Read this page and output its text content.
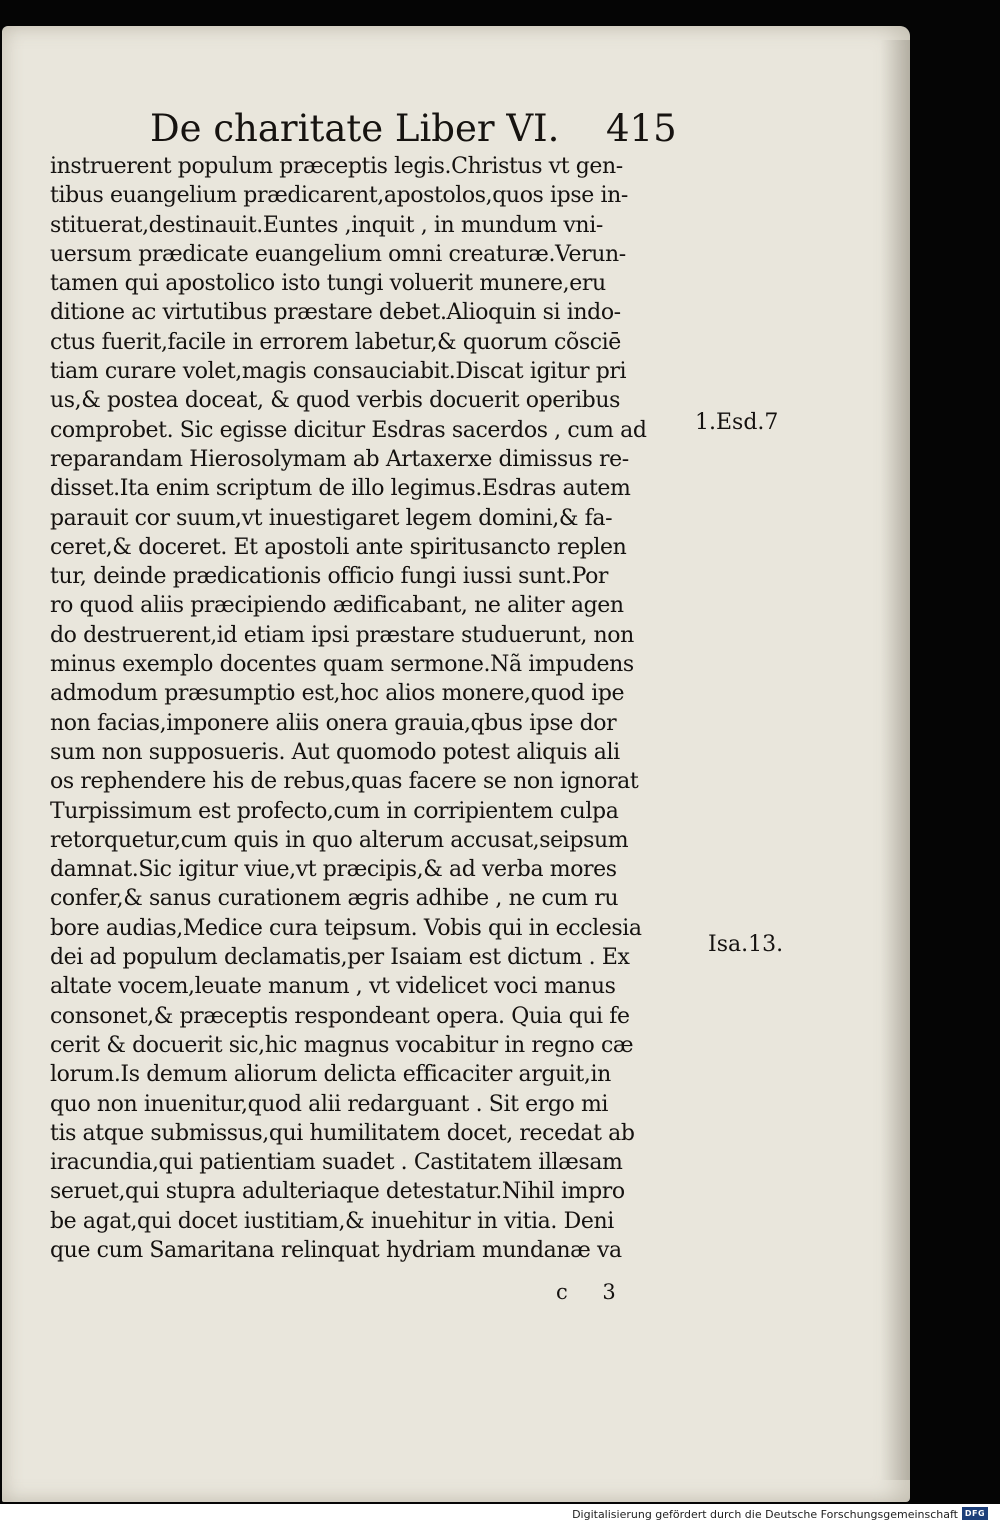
De charitate Liber VI. 415
instruerent populum præceptis legis.Christus vt gen-
tibus euangelium prædicarent,apostolos,quos ipse in-
stituerat,destinauit.Euntes ,inquit , in mundum vni-
uersum prædicate euangelium omni creaturæ.Verun-
tamen qui apostolico isto tungi voluerit munere,eru
ditione ac virtutibus præstare debet.Alioquin si indo-
ctus fuerit,facile in errorem labetur,& quorum cõsciē
tiam curare volet,magis consauciabit.Discat igitur pri
us,& postea doceat, & quod verbis docuerit operibus
comprobet. Sic egisse dicitur Esdras sacerdos , cum ad
reparandam Hierosolymam ab Artaxerxe dimissus re-
disset.Ita enim scriptum de illo legimus.Esdras autem
parauit cor suum,vt inuestigaret legem domini,& fa-
ceret,& doceret. Et apostoli ante spiritusancto replen
tur, deinde prædicationis officio fungi iussi sunt.Por
ro quod aliis præcipiendo ædificabant, ne aliter agen
do destruerent,id etiam ipsi præstare studuerunt, non
minus exemplo docentes quam sermone.Nã impudens
admodum præsumptio est,hoc alios monere,quod ipe
non facias,imponere aliis onera grauia,qbus ipse dor
sum non supposueris. Aut quomodo potest aliquis ali
os rephendere his de rebus,quas facere se non ignorat
Turpissimum est profecto,cum in corripientem culpa
retorquetur,cum quis in quo alterum accusat,seipsum
damnat.Sic igitur viue,vt præcipis,& ad verba mores
confer,& sanus curationem ægris adhibe , ne cum ru
bore audias,Medice cura teipsum. Vobis qui in ecclesia
dei ad populum declamatis,per Isaiam est dictum . Ex
altate vocem,leuate manum , vt videlicet voci manus
consonet,& præceptis respondeant opera. Quia qui fe
cerit & docuerit sic,hic magnus vocabitur in regno cæ
lorum.Is demum aliorum delicta efficaciter arguit,in
quo non inuenitur,quod alii redarguant . Sit ergo mi
tis atque submissus,qui humilitatem docet, recedat ab
iracundia,qui patientiam suadet . Castitatem illæsam
seruet,qui stupra adulteriaque detestatur.Nihil impro
be agat,qui docet iustitiam,& inuehitur in vitia. Deni
que cum Samaritana relinquat hydriam mundanæ va
1.Esd.7
Isa.13.
c 3
Digitalisierung gefördert durch die Deutsche Forschungsgemeinschaft DFG
